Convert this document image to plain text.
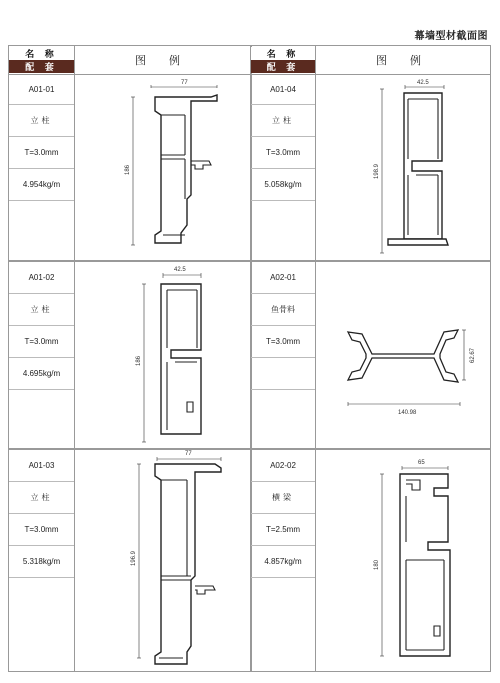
幕墙型材截面图
名 称
配 套	图 例
名 称
配 套	图 例
A01-01
立柱
T=3.0mm
4.954kg/m
A01-04
立柱
T=3.0mm
5.058kg/m
A01-02
立柱
T=3.0mm
4.695kg/m
A02-01
鱼骨料
T=3.0mm
A01-03
立柱
T=3.0mm
5.318kg/m
A02-02
横梁
T=2.5mm
4.857kg/m
77
186
42.5
198.9
42.5
186
140.98
62.67
77
196.9
65
180
